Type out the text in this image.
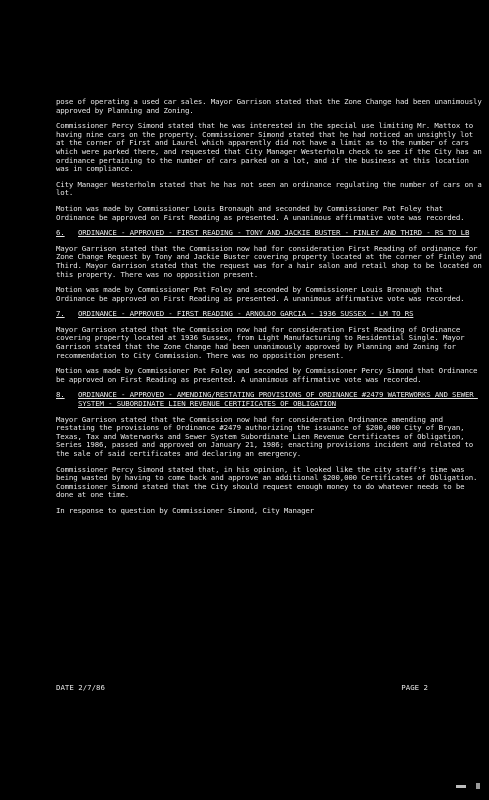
pose of operating a used car sales. Mayor Garrison stated that the Zone Change had been unanimously approved by Planning and Zoning.

Commissioner Percy Simond stated that he was interested in the special use limiting Mr. Mattox to having nine cars on the property. Commissioner Simond stated that he had noticed an unsightly lot at the corner of First and Laurel which apparently did not have a limit as to the number of cars which were parked there, and requested that City Manager Westerholm check to see if the City has an ordinance pertaining to the number of cars parked on a lot, and if the business at this location was in compliance.

City Manager Westerholm stated that he has not seen an ordinance regulating the number of cars on a lot.

Motion was made by Commissioner Louis Bronaugh and seconded by Commissioner Pat Foley that Ordinance be approved on First Reading as presented. A unanimous affirmative vote was recorded.

6.	ORDINANCE - APPROVED - FIRST READING - TONY AND JACKIE BUSTER - FINLEY AND THIRD - RS TO LB

Mayor Garrison stated that the Commission now had for consideration First Reading of ordinance for Zone Change Request by Tony and Jackie Buster covering property located at the corner of Finley and Third. Mayor Garrison stated that the request was for a hair salon and retail shop to be located on this property. There was no opposition present.

Motion was made by Commissioner Pat Foley and seconded by Commissioner Louis Bronaugh that Ordinance be approved on First Reading as presented. A unanimous affirmative vote was recorded.

7.	ORDINANCE - APPROVED - FIRST READING - ARNOLDO GARCIA - 1936 SUSSEX - LM TO RS

Mayor Garrison stated that the Commission now had for consideration First Reading of Ordinance covering property located at 1936 Sussex, from Light Manufacturing to Residential Single. Mayor Garrison stated that the Zone Change had been unanimously approved by Planning and Zoning for recommendation to City Commission. There was no opposition present.

Motion was made by Commissioner Pat Foley and seconded by Commissioner Percy Simond that Ordinance be approved on First Reading as presented. A unanimous affirmative vote was recorded.

8.	ORDINANCE - APPROVED - AMENDING/RESTATING PROVISIONS OF ORDINANCE #2479 WATERWORKS AND SEWER SYSTEM - SUBORDINATE LIEN REVENUE CERTIFICATES OF OBLIGATION

Mayor Garrison stated that the Commission now had for consideration Ordinance amending and restating the provisions of Ordinance #2479 authorizing the issuance of $200,000 City of Bryan, Texas, Tax and Waterworks and Sewer System Subordinate Lien Revenue Certificates of Obligation, Series 1986, passed and approved on January 21, 1986; enacting provisions incident and related to the sale of said certificates and declaring an emergency.

Commissioner Percy Simond stated that, in his opinion, it looked like the city staff's time was being wasted by having to come back and approve an additional $200,000 Certificates of Obligation. Commissioner Simond stated that the City should request enough money to do whatever needs to be done at one time.

In response to question by Commissioner Simond, City Manager

DATE 2/7/86	PAGE 2
